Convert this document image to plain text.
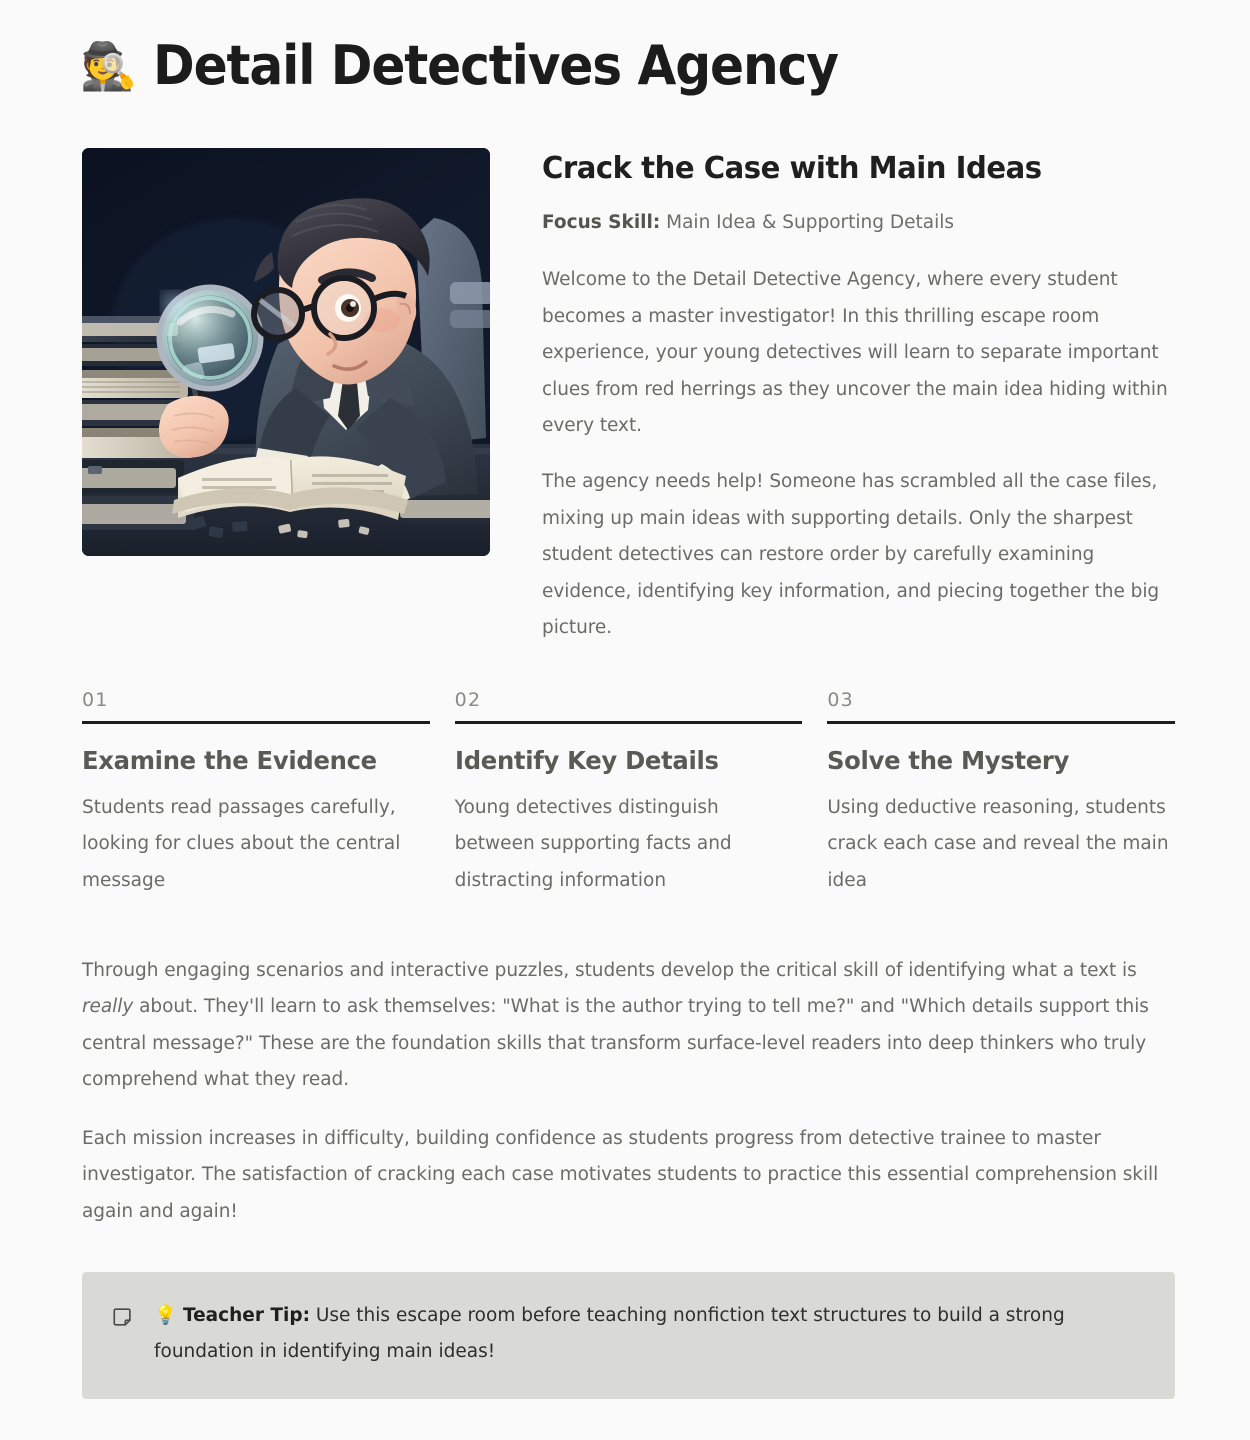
🕵️ Detail Detectives Agency
Crack the Case with Main Ideas

Focus Skill: Main Idea & Supporting Details

Welcome to the Detail Detective Agency, where every student becomes a master investigator! In this thrilling escape room experience, your young detectives will learn to separate important clues from red herrings as they uncover the main idea hiding within every text.

The agency needs help! Someone has scrambled all the case files, mixing up main ideas with supporting details. Only the sharpest student detectives can restore order by carefully examining evidence, identifying key information, and piecing together the big picture.

01
Examine the Evidence

Students read passages carefully, looking for clues about the central message

02
Identify Key Details

Young detectives distinguish between supporting facts and distracting information

03
Solve the Mystery

Using deductive reasoning, students crack each case and reveal the main idea

Through engaging scenarios and interactive puzzles, students develop the critical skill of identifying what a text is really about. They'll learn to ask themselves: "What is the author trying to tell me?" and "Which details support this central message?" These are the foundation skills that transform surface-level readers into deep thinkers who truly comprehend what they read.

Each mission increases in difficulty, building confidence as students progress from detective trainee to master investigator. The satisfaction of cracking each case motivates students to practice this essential comprehension skill again and again!

💡 Teacher Tip: Use this escape room before teaching nonfiction text structures to build a strong foundation in identifying main ideas!
